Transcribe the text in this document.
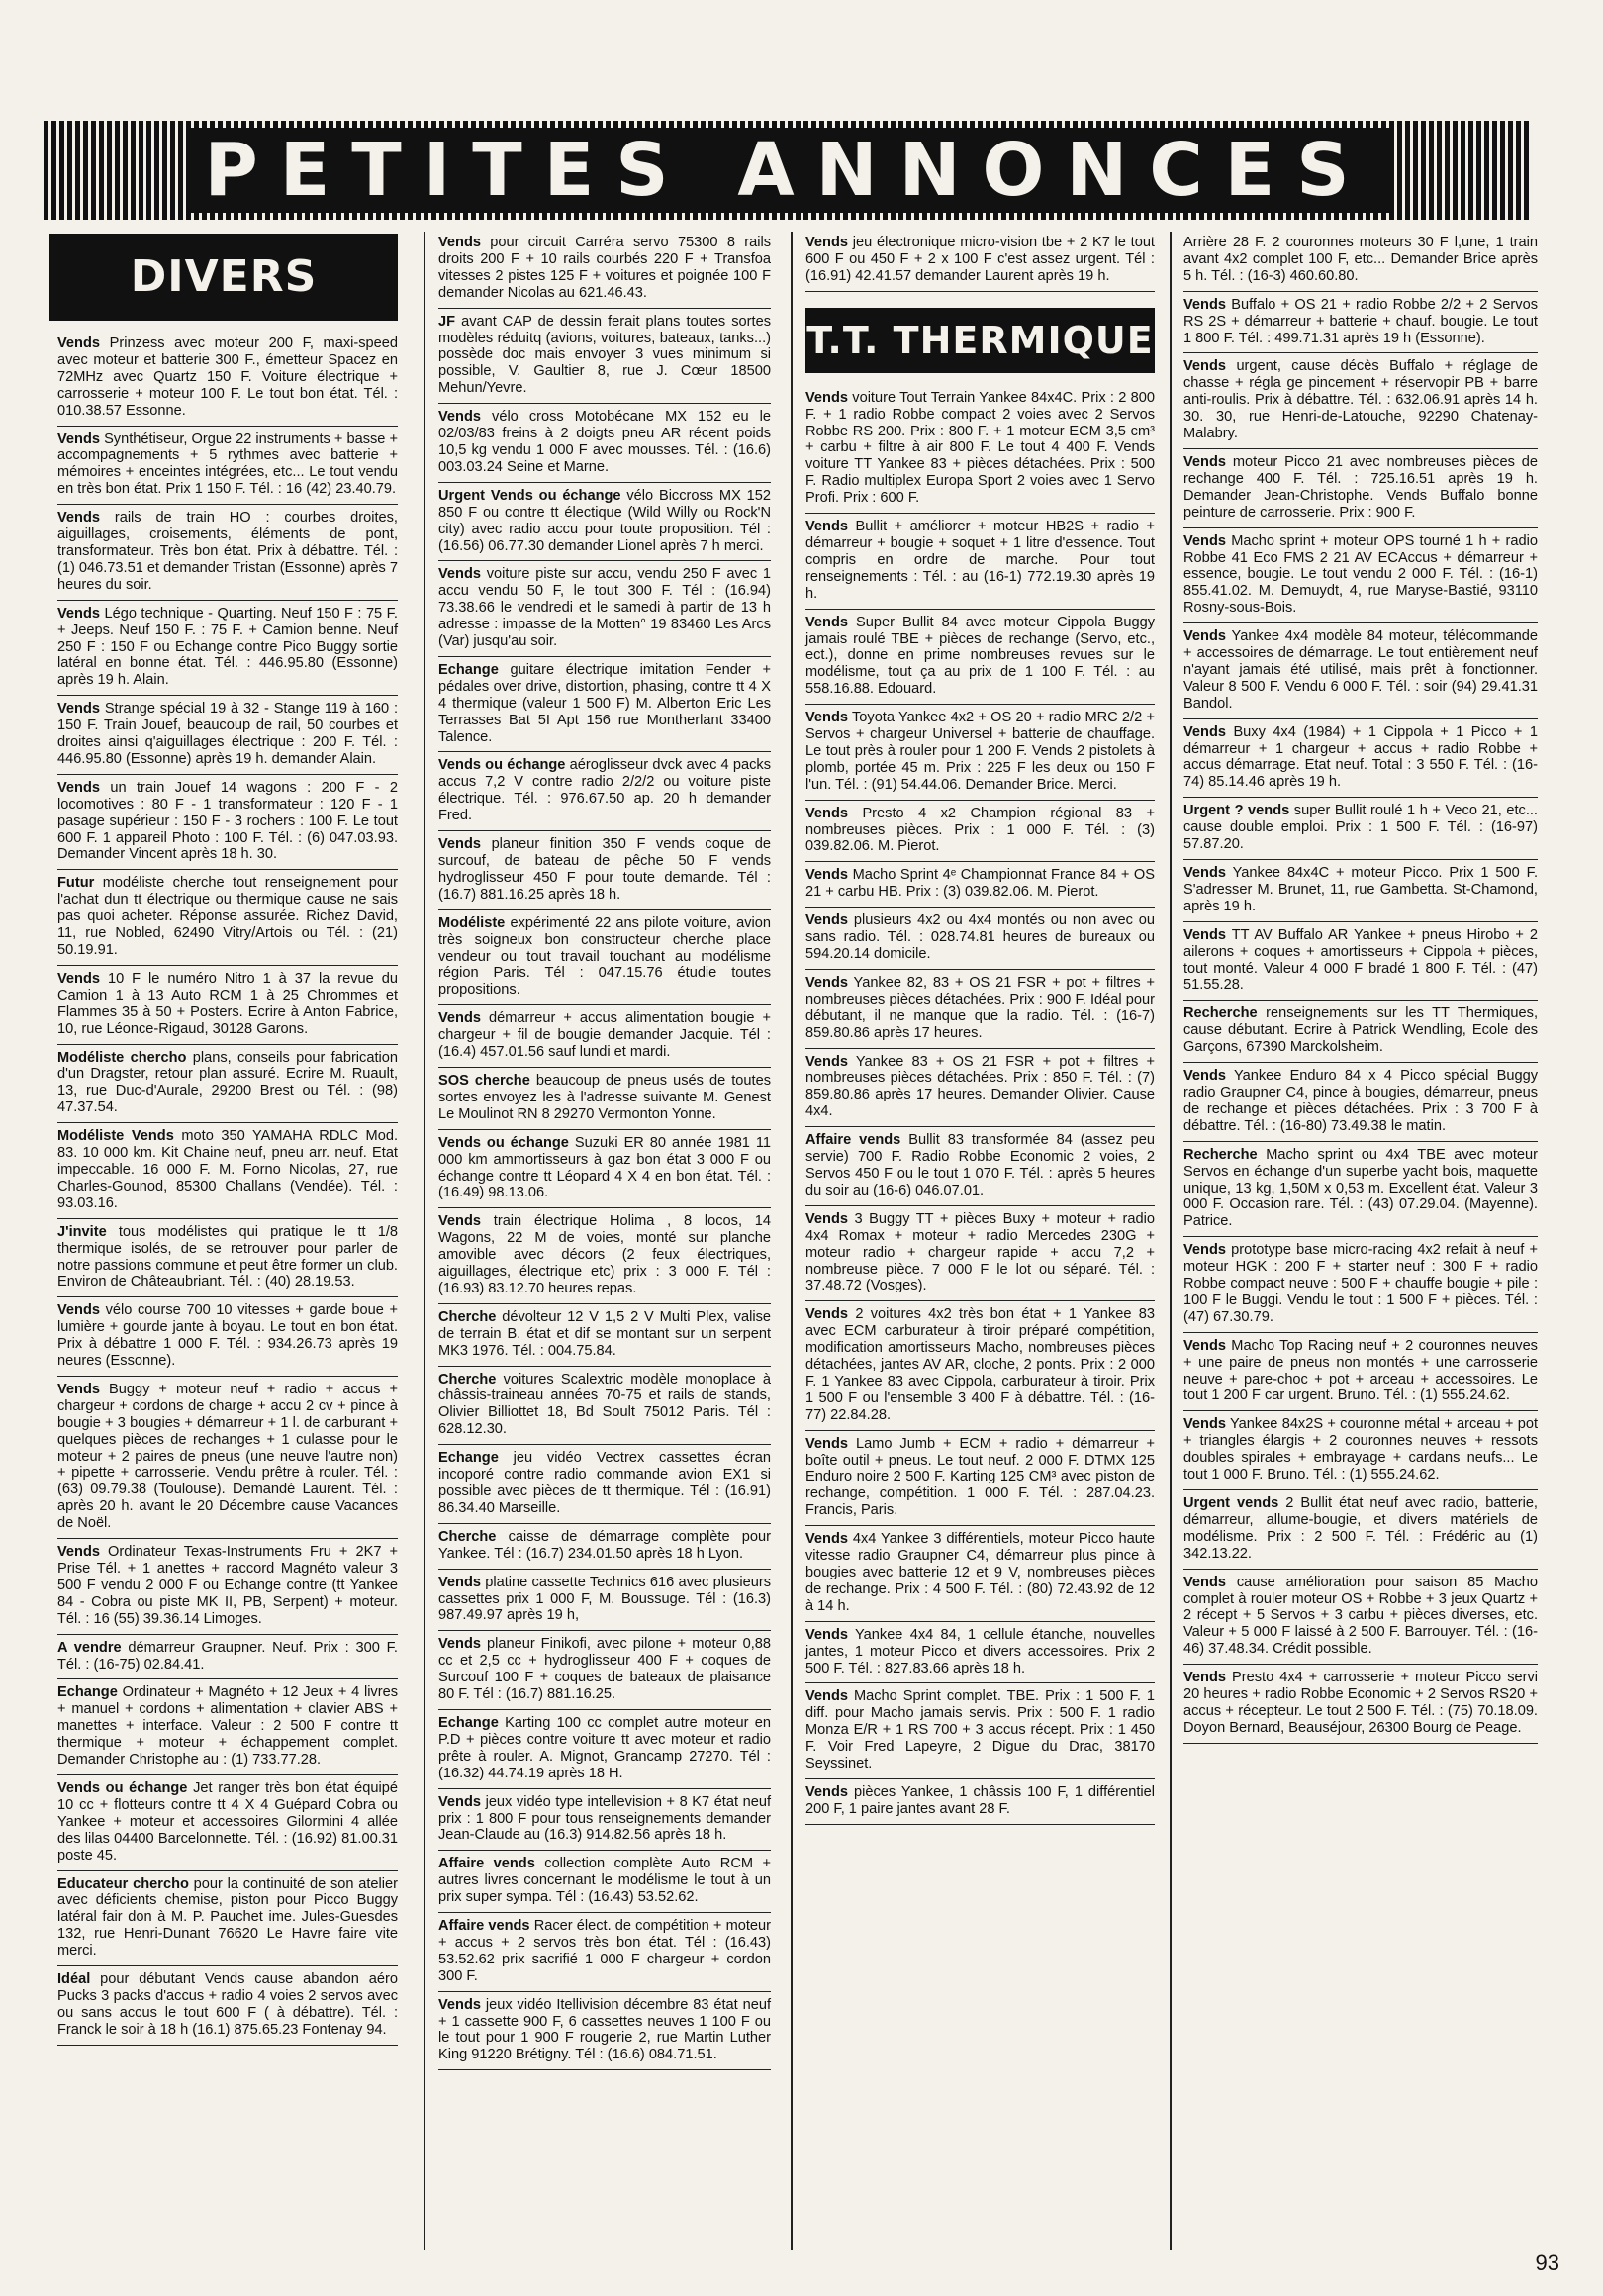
PETITES ANNONCES
DIVERS

Vends Prinzess avec moteur 200 F, maxi-speed avec moteur et batterie 300 F., émetteur Spacez en 72MHz avec Quartz 150 F. Voiture électrique + carrosserie + moteur 100 F. Le tout bon état. Tél. : 010.38.57 Essonne.

Vends Synthétiseur, Orgue 22 instruments + basse + accompagnements + 5 rythmes avec batterie + mémoires + enceintes intégrées, etc... Le tout vendu en très bon état. Prix 1 150 F. Tél. : 16 (42) 23.40.79.

Vends rails de train HO : courbes droites, aiguillages, croisements, éléments de pont, transformateur. Très bon état. Prix à débattre. Tél. : (1) 046.73.51 et demander Tristan (Essonne) après 7 heures du soir.

Vends Légo technique - Quarting. Neuf 150 F : 75 F. + Jeeps. Neuf 150 F. : 75 F. + Camion benne. Neuf 250 F : 150 F ou Echange contre Pico Buggy sortie latéral en bonne état. Tél. : 446.95.80 (Essonne) après 19 h. Alain.

Vends Strange spécial 19 à 32 - Stange 119 à 160 : 150 F. Train Jouef, beaucoup de rail, 50 courbes et droites ainsi q'aiguillages électrique : 200 F. Tél. : 446.95.80 (Essonne) après 19 h. demander Alain.

Vends un train Jouef 14 wagons : 200 F - 2 locomotives : 80 F - 1 transformateur : 120 F - 1 pasage supérieur : 150 F - 3 rochers : 100 F. Le tout 600 F. 1 appareil Photo : 100 F. Tél. : (6) 047.03.93. Demander Vincent après 18 h. 30.

Futur modéliste cherche tout renseignement pour l'achat dun tt électrique ou thermique cause ne sais pas quoi acheter. Réponse assurée. Richez David, 11, rue Nobled, 62490 Vitry/Artois ou Tél. : (21) 50.19.91.

Vends 10 F le numéro Nitro 1 à 37 la revue du Camion 1 à 13 Auto RCM 1 à 25 Chrommes et Flammes 35 à 50 + Posters. Ecrire à Anton Fabrice, 10, rue Léonce-Rigaud, 30128 Garons.

Modéliste chercho plans, conseils pour fabrication d'un Dragster, retour plan assuré. Ecrire M. Ruault, 13, rue Duc-d'Aurale, 29200 Brest ou Tél. : (98) 47.37.54.

Modéliste Vends moto 350 YAMAHA RDLC Mod. 83. 10 000 km. Kit Chaine neuf, pneu arr. neuf. Etat impeccable. 16 000 F. M. Forno Nicolas, 27, rue Charles-Gounod, 85300 Challans (Vendée). Tél. : 93.03.16.

J'invite tous modélistes qui pratique le tt 1/8 thermique isolés, de se retrouver pour parler de notre passions commune et peut être former un club. Environ de Châteaubriant. Tél. : (40) 28.19.53.

Vends vélo course 700 10 vitesses + garde boue + lumière + gourde jante à boyau. Le tout en bon état. Prix à débattre 1 000 F. Tél. : 934.26.73 après 19 neures (Essonne).

Vends Buggy + moteur neuf + radio + accus + chargeur + cordons de charge + accu 2 cv + pince à bougie + 3 bougies + démarreur + 1 l. de carburant + quelques pièces de rechanges + 1 culasse pour le moteur + 2 paires de pneus (une neuve l'autre non) + pipette + carrosserie. Vendu prêtre à rouler. Tél. : (63) 09.79.38 (Toulouse). Demandé Laurent. Tél. : après 20 h. avant le 20 Décembre cause Vacances de Noël.

Vends Ordinateur Texas-Instruments Fru + 2K7 + Prise Tél. + 1 anettes + raccord Magnéto valeur 3 500 F vendu 2 000 F ou Echange contre (tt Yankee 84 - Cobra ou piste MK II, PB, Serpent) + moteur. Tél. : 16 (55) 39.36.14 Limoges.

A vendre démarreur Graupner. Neuf. Prix : 300 F. Tél. : (16-75) 02.84.41.

Echange Ordinateur + Magnéto + 12 Jeux + 4 livres + manuel + cordons + alimentation + clavier ABS + manettes + interface. Valeur : 2 500 F contre tt thermique + moteur + échappement complet. Demander Christophe au : (1) 733.77.28.

Vends ou échange Jet ranger très bon état équipé 10 cc + flotteurs contre tt 4 X 4 Guépard Cobra ou Yankee + moteur et accessoires Gilormini 4 allée des lilas 04400 Barcelonnette. Tél. : (16.92) 81.00.31 poste 45.

Educateur chercho pour la continuité de son atelier avec déficients chemise, piston pour Picco Buggy latéral fair don à M. P. Pauchet ime. Jules-Guesdes 132, rue Henri-Dunant 76620 Le Havre faire vite merci.

Idéal pour débutant Vends cause abandon aéro Pucks 3 packs d'accus + radio 4 voies 2 servos avec ou sans accus le tout 600 F ( à débattre). Tél. : Franck le soir à 18 h (16.1) 875.65.23 Fontenay 94.

Vends pour circuit Carréra servo 75300 8 rails droits 200 F + 10 rails courbés 220 F + Transfoa vitesses 2 pistes 125 F + voitures et poignée 100 F demander Nicolas au 621.46.43.

JF avant CAP de dessin ferait plans toutes sortes modèles réduitq (avions, voitures, bateaux, tanks...) possède doc mais envoyer 3 vues minimum si possible, V. Gaultier 8, rue J. Cœur 18500 Mehun/Yevre.

Vends vélo cross Motobécane MX 152 eu le 02/03/83 freins à 2 doigts pneu AR récent poids 10,5 kg vendu 1 000 F avec mousses. Tél. : (16.6) 003.03.24 Seine et Marne.

Urgent Vends ou échange vélo Biccross MX 152 850 F ou contre tt électique (Wild Willy ou Rock'N city) avec radio accu pour toute proposition. Tél : (16.56) 06.77.30 demander Lionel après 7 h merci.

Vends voiture piste sur accu, vendu 250 F avec 1 accu vendu 50 F, le tout 300 F. Tél : (16.94) 73.38.66 le vendredi et le samedi à partir de 13 h adresse : impasse de la Motten° 19 83460 Les Arcs (Var) jusqu'au soir.

Echange guitare électrique imitation Fender + pédales over drive, distortion, phasing, contre tt 4 X 4 thermique (valeur 1 500 F) M. Alberton Eric Les Terrasses Bat 5I Apt 156 rue Montherlant 33400 Talence.

Vends ou échange aéroglisseur dvck avec 4 packs accus 7,2 V contre radio 2/2/2 ou voiture piste électrique. Tél. : 976.67.50 ap. 20 h demander Fred.

Vends planeur finition 350 F vends coque de surcouf, de bateau de pêche 50 F vends hydroglisseur 450 F pour toute demande. Tél : (16.7) 881.16.25 après 18 h.

Modéliste expérimenté 22 ans pilote voiture, avion très soigneux bon constructeur cherche place vendeur ou tout travail touchant au modélisme région Paris. Tél : 047.15.76 étudie toutes propositions.

Vends démarreur + accus alimentation bougie + chargeur + fil de bougie demander Jacquie. Tél : (16.4) 457.01.56 sauf lundi et mardi.

SOS cherche beaucoup de pneus usés de toutes sortes envoyez les à l'adresse suivante M. Genest Le Moulinot RN 8 29270 Vermonton Yonne.

Vends ou échange Suzuki ER 80 année 1981 11 000 km ammortisseurs à gaz bon état 3 000 F ou échange contre tt Léopard 4 X 4 en bon état. Tél. : (16.49) 98.13.06.

Vends train électrique Holima , 8 locos, 14 Wagons, 22 M de voies, monté sur planche amovible avec décors (2 feux électriques, aiguillages, électrique etc) prix : 3 000 F. Tél : (16.93) 83.12.70 heures repas.

Cherche dévolteur 12 V 1,5 2 V Multi Plex, valise de terrain B. état et dif se montant sur un serpent MK3 1976. Tél. : 004.75.84.

Cherche voitures Scalextric modèle monoplace à châssis-traineau années 70-75 et rails de stands, Olivier Billiottet 18, Bd Soult 75012 Paris. Tél : 628.12.30.

Echange jeu vidéo Vectrex cassettes écran incoporé contre radio commande avion EX1 si possible avec pièces de tt thermique. Tél : (16.91) 86.34.40 Marseille.

Cherche caisse de démarrage complète pour Yankee. Tél : (16.7) 234.01.50 après 18 h Lyon.

Vends platine cassette Technics 616 avec plusieurs cassettes prix 1 000 F, M. Boussuge. Tél : (16.3) 987.49.97 après 19 h,

Vends planeur Finikofi, avec pilone + moteur 0,88 cc et 2,5 cc + hydroglisseur 400 F + coques de Surcouf 100 F + coques de bateaux de plaisance 80 F. Tél : (16.7) 881.16.25.

Echange Karting 100 cc complet autre moteur en P.D + pièces contre voiture tt avec moteur et radio prête à rouler. A. Mignot, Grancamp 27270. Tél : (16.32) 44.74.19 après 18 H.

Vends jeux vidéo type intellevision + 8 K7 état neuf prix : 1 800 F pour tous renseignements demander Jean-Claude au (16.3) 914.82.56 après 18 h.

Affaire vends collection complète Auto RCM + autres livres concernant le modélisme le tout à un prix super sympa. Tél : (16.43) 53.52.62.

Affaire vends Racer élect. de compétition + moteur + accus + 2 servos très bon état. Tél : (16.43) 53.52.62 prix sacrifié 1 000 F chargeur + cordon 300 F.

Vends jeux vidéo Itellivision décembre 83 état neuf + 1 cassette 900 F, 6 cassettes neuves 1 100 F ou le tout pour 1 900 F rougerie 2, rue Martin Luther King 91220 Brétigny. Tél : (16.6) 084.71.51.

Vends jeu électronique micro-vision tbe + 2 K7 le tout 600 F ou 450 F + 2 x 100 F c'est assez urgent. Tél : (16.91) 42.41.57 demander Laurent après 19 h.

T.T. THERMIQUE

Vends voiture Tout Terrain Yankee 84x4C. Prix : 2 800 F. + 1 radio Robbe compact 2 voies avec 2 Servos Robbe RS 200. Prix : 800 F. + 1 moteur ECM 3,5 cm³ + carbu + filtre à air 800 F. Le tout 4 400 F. Vends voiture TT Yankee 83 + pièces détachées. Prix : 500 F. Radio multiplex Europa Sport 2 voies avec 1 Servo Profi. Prix : 600 F.

Vends Bullit + améliorer + moteur HB2S + radio + démarreur + bougie + soquet + 1 litre d'essence. Tout compris en ordre de marche. Pour tout renseignements : Tél. : au (16-1) 772.19.30 après 19 h.

Vends Super Bullit 84 avec moteur Cippola Buggy jamais roulé TBE + pièces de rechange (Servo, etc., ect.), donne en prime nombreuses revues sur le modélisme, tout ça au prix de 1 100 F. Tél. : au 558.16.88. Edouard.

Vends Toyota Yankee 4x2 + OS 20 + radio MRC 2/2 + Servos + chargeur Universel + batterie de chauffage. Le tout près à rouler pour 1 200 F. Vends 2 pistolets à plomb, portée 45 m. Prix : 225 F les deux ou 150 F l'un. Tél. : (91) 54.44.06. Demander Brice. Merci.

Vends Presto 4 x2 Champion régional 83 + nombreuses pièces. Prix : 1 000 F. Tél. : (3) 039.82.06. M. Pierot.

Vends Macho Sprint 4ᵉ Championnat France 84 + OS 21 + carbu HB. Prix : (3) 039.82.06. M. Pierot.

Vends plusieurs 4x2 ou 4x4 montés ou non avec ou sans radio. Tél. : 028.74.81 heures de bureaux ou 594.20.14 domicile.

Vends Yankee 82, 83 + OS 21 FSR + pot + filtres + nombreuses pièces détachées. Prix : 900 F. Idéal pour débutant, il ne manque que la radio. Tél. : (16-7) 859.80.86 après 17 heures.

Vends Yankee 83 + OS 21 FSR + pot + filtres + nombreuses pièces détachées. Prix : 850 F. Tél. : (7) 859.80.86 après 17 heures. Demander Olivier. Cause 4x4.

Affaire vends Bullit 83 transformée 84 (assez peu servie) 700 F. Radio Robbe Economic 2 voies, 2 Servos 450 F ou le tout 1 070 F. Tél. : après 5 heures du soir au (16-6) 046.07.01.

Vends 3 Buggy TT + pièces Buxy + moteur + radio 4x4 Romax + moteur + radio Mercedes 230G + moteur radio + chargeur rapide + accu 7,2 + nombreuse pièce. 7 000 F le lot ou séparé. Tél. : 37.48.72 (Vosges).

Vends 2 voitures 4x2 très bon état + 1 Yankee 83 avec ECM carburateur à tiroir préparé compétition, modification amortisseurs Macho, nombreuses pièces détachées, jantes AV AR, cloche, 2 ponts. Prix : 2 000 F. 1 Yankee 83 avec Cippola, carburateur à tiroir. Prix 1 500 F ou l'ensemble 3 400 F à débattre. Tél. : (16-77) 22.84.28.

Vends Lamo Jumb + ECM + radio + démarreur + boîte outil + pneus. Le tout neuf. 2 000 F. DTMX 125 Enduro noire 2 500 F. Karting 125 CM³ avec piston de rechange, compétition. 1 000 F. Tél. : 287.04.23. Francis, Paris.

Vends 4x4 Yankee 3 différentiels, moteur Picco haute vitesse radio Graupner C4, démarreur plus pince à bougies avec batterie 12 et 9 V, nombreuses pièces de rechange. Prix : 4 500 F. Tél. : (80) 72.43.92 de 12 à 14 h.

Vends Yankee 4x4 84, 1 cellule étanche, nouvelles jantes, 1 moteur Picco et divers accessoires. Prix 2 500 F. Tél. : 827.83.66 après 18 h.

Vends Macho Sprint complet. TBE. Prix : 1 500 F. 1 diff. pour Macho jamais servis. Prix : 500 F. 1 radio Monza E/R + 1 RS 700 + 3 accus récept. Prix : 1 450 F. Voir Fred Lapeyre, 2 Digue du Drac, 38170 Seyssinet.

Vends pièces Yankee, 1 châssis 100 F, 1 différentiel 200 F, 1 paire jantes avant 28 F.

Arrière 28 F. 2 couronnes moteurs 30 F l,une, 1 train avant 4x2 complet 100 F, etc... Demander Brice après 5 h. Tél. : (16-3) 460.60.80.

Vends Buffalo + OS 21 + radio Robbe 2/2 + 2 Servos RS 2S + démarreur + batterie + chauf. bougie. Le tout 1 800 F. Tél. : 499.71.31 après 19 h (Essonne).

Vends urgent, cause décès Buffalo + réglage de chasse + régla ge pincement + réservopir PB + barre anti-roulis. Prix à débattre. Tél. : 632.06.91 après 14 h. 30. 30, rue Henri-de-Latouche, 92290 Chatenay-Malabry.

Vends moteur Picco 21 avec nombreuses pièces de rechange 400 F. Tél. : 725.16.51 après 19 h. Demander Jean-Christophe. Vends Buffalo bonne peinture de carrosserie. Prix : 900 F.

Vends Macho sprint + moteur OPS tourné 1 h + radio Robbe 41 Eco FMS 2 21 AV ECAccus + démarreur + essence, bougie. Le tout vendu 2 000 F. Tél. : (16-1) 855.41.02. M. Demuydt, 4, rue Maryse-Bastié, 93110 Rosny-sous-Bois.

Vends Yankee 4x4 modèle 84 moteur, télécommande + accessoires de démarrage. Le tout entièrement neuf n'ayant jamais été utilisé, mais prêt à fonctionner. Valeur 8 500 F. Vendu 6 000 F. Tél. : soir (94) 29.41.31 Bandol.

Vends Buxy 4x4 (1984) + 1 Cippola + 1 Picco + 1 démarreur + 1 chargeur + accus + radio Robbe + accus démarrage. Etat neuf. Total : 3 550 F. Tél. : (16-74) 85.14.46 après 19 h.

Urgent ? vends super Bullit roulé 1 h + Veco 21, etc... cause double emploi. Prix : 1 500 F. Tél. : (16-97) 57.87.20.

Vends Yankee 84x4C + moteur Picco. Prix 1 500 F. S'adresser M. Brunet, 11, rue Gambetta. St-Chamond, après 19 h.

Vends TT AV Buffalo AR Yankee + pneus Hirobo + 2 ailerons + coques + amortisseurs + Cippola + pièces, tout monté. Valeur 4 000 F bradé 1 800 F. Tél. : (47) 51.55.28.

Recherche renseignements sur les TT Thermiques, cause débutant. Ecrire à Patrick Wendling, Ecole des Garçons, 67390 Marckolsheim.

Vends Yankee Enduro 84 x 4 Picco spécial Buggy radio Graupner C4, pince à bougies, démarreur, pneus de rechange et pièces détachées. Prix : 3 700 F à débattre. Tél. : (16-80) 73.49.38 le matin.

Recherche Macho sprint ou 4x4 TBE avec moteur Servos en échange d'un superbe yacht bois, maquette unique, 13 kg, 1,50M x 0,53 m. Excellent état. Valeur 3 000 F. Occasion rare. Tél. : (43) 07.29.04. (Mayenne). Patrice.

Vends prototype base micro-racing 4x2 refait à neuf + moteur HGK : 200 F + starter neuf : 300 F + radio Robbe compact neuve : 500 F + chauffe bougie + pile : 100 F le Buggi. Vendu le tout : 1 500 F + pièces. Tél. : (47) 67.30.79.

Vends Macho Top Racing neuf + 2 couronnes neuves + une paire de pneus non montés + une carrosserie neuve + pare-choc + pot + arceau + accessoires. Le tout 1 200 F car urgent. Bruno. Tél. : (1) 555.24.62.

Vends Yankee 84x2S + couronne métal + arceau + pot + triangles élargis + 2 couronnes neuves + ressots doubles spirales + embrayage + cardans neufs... Le tout 1 000 F. Bruno. Tél. : (1) 555.24.62.

Urgent vends 2 Bullit état neuf avec radio, batterie, démarreur, allume-bougie, et divers matériels de modélisme. Prix : 2 500 F. Tél. : Frédéric au (1) 342.13.22.

Vends cause amélioration pour saison 85 Macho complet à rouler moteur OS + Robbe + 3 jeux Quartz + 2 récept + 5 Servos + 3 carbu + pièces diverses, etc. Valeur + 5 000 F laissé à 2 500 F. Barrouyer. Tél. : (16-46) 37.48.34. Crédit possible.

Vends Presto 4x4 + carrosserie + moteur Picco servi 20 heures + radio Robbe Economic + 2 Servos RS20 + accus + récepteur. Le tout 2 500 F. Tél. : (75) 70.18.09. Doyon Bernard, Beauséjour, 26300 Bourg de Peage.

93
